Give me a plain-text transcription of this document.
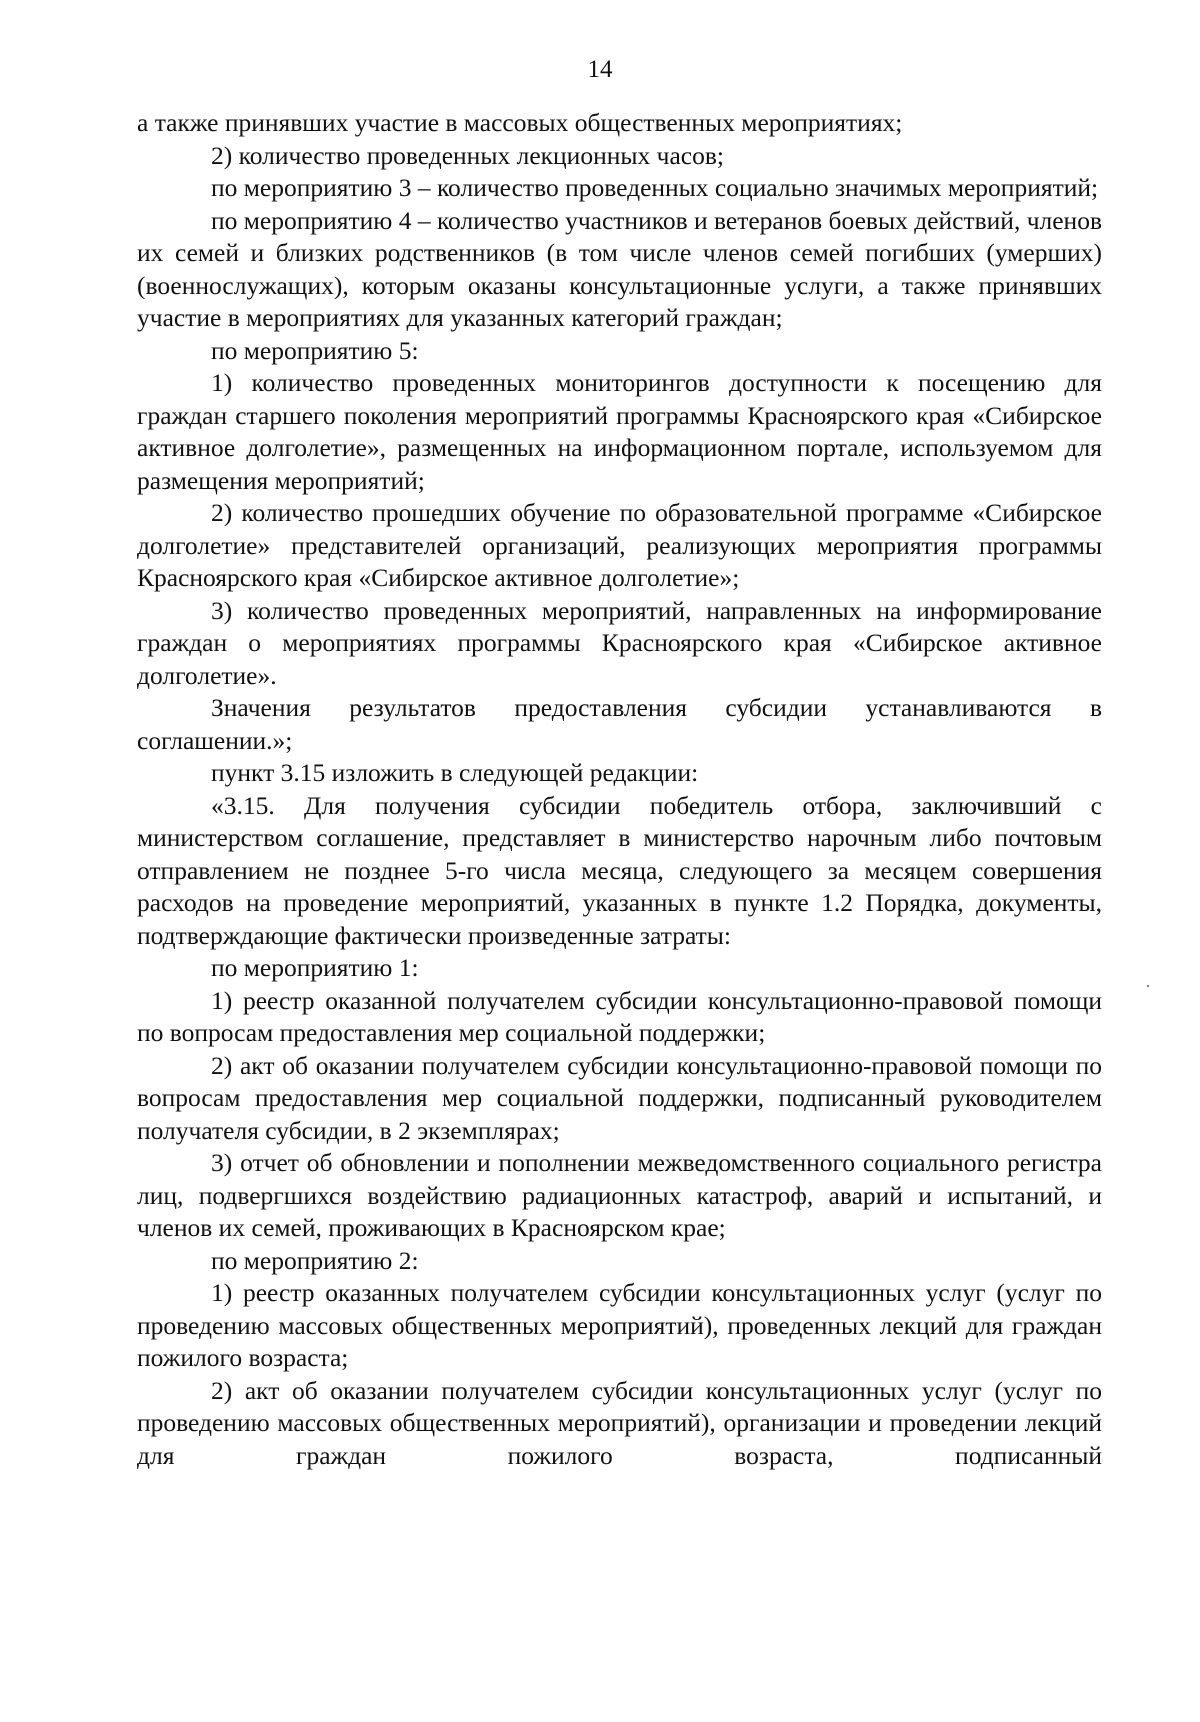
14

а также принявших участие в массовых общественных мероприятиях;

2) количество проведенных лекционных часов;

по мероприятию 3 – количество проведенных социально значимых мероприятий;

по мероприятию 4 – количество участников и ветеранов боевых действий, членов их семей и близких родственников (в том числе членов семей погибших (умерших) (военнослужащих), которым оказаны консультационные услуги, а также принявших участие в мероприятиях для указанных категорий граждан;

по мероприятию 5:

1) количество проведенных мониторингов доступности к посещению для граждан старшего поколения мероприятий программы Красноярского края «Сибирское активное долголетие», размещенных на информационном портале, используемом для размещения мероприятий;

2) количество прошедших обучение по образовательной программе «Сибирское долголетие» представителей организаций, реализующих мероприятия программы Красноярского края «Сибирское активное долголетие»;

3) количество проведенных мероприятий, направленных на информирование граждан о мероприятиях программы Красноярского края «Сибирское активное долголетие».

Значения результатов предоставления субсидии устанавливаются в соглашении.»;

пункт 3.15 изложить в следующей редакции:

«3.15. Для получения субсидии победитель отбора, заключивший с министерством соглашение, представляет в министерство нарочным либо почтовым отправлением не позднее 5-го числа месяца, следующего за месяцем совершения расходов на проведение мероприятий, указанных в пункте 1.2 Порядка, документы, подтверждающие фактически произведенные затраты:

по мероприятию 1:

1) реестр оказанной получателем субсидии консультационно-правовой помощи по вопросам предоставления мер социальной поддержки;

2) акт об оказании получателем субсидии консультационно-правовой помощи по вопросам предоставления мер социальной поддержки, подписанный руководителем получателя субсидии, в 2 экземплярах;

3) отчет об обновлении и пополнении межведомственного социального регистра лиц, подвергшихся воздействию радиационных катастроф, аварий и испытаний, и членов их семей, проживающих в Красноярском крае;

по мероприятию 2:

1) реестр оказанных получателем субсидии консультационных услуг (услуг по проведению массовых общественных мероприятий), проведенных лекций для граждан пожилого возраста;

2) акт об оказании получателем субсидии консультационных услуг (услуг по проведению массовых общественных мероприятий), организации и проведении лекций для граждан пожилого возраста, подписанный
